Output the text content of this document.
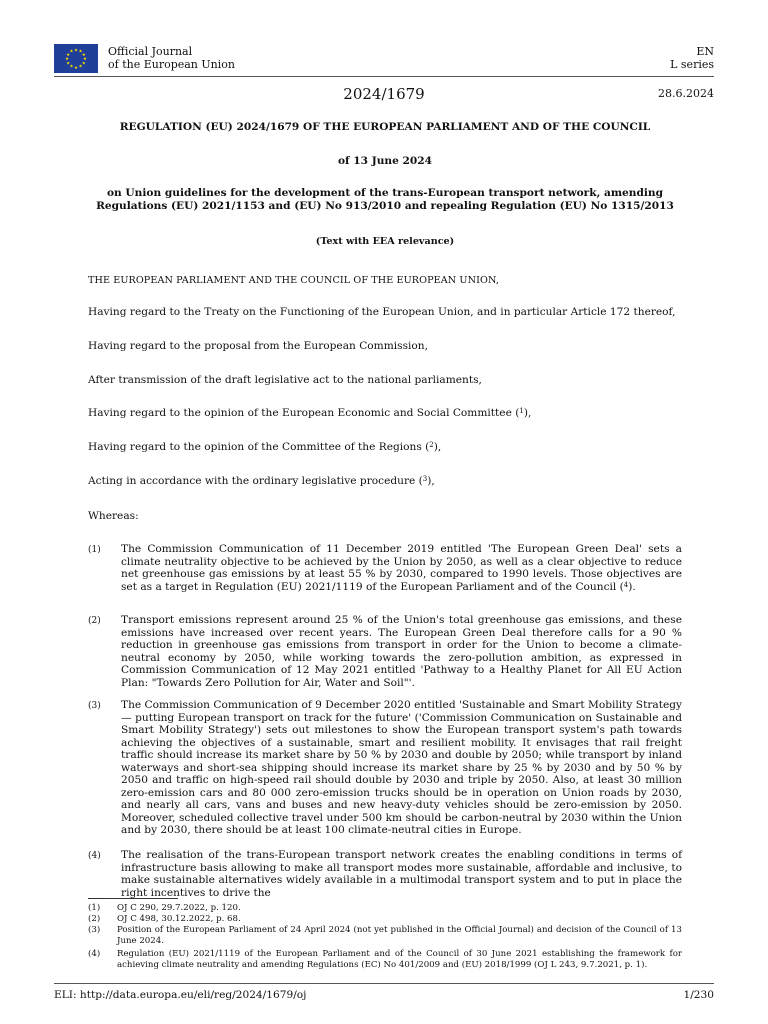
★ ★
★
★
★
★
★
★
★
★
★
★	Official Journal
of the European Union
EN
L series
2024/1679	28.6.2024
REGULATION (EU) 2024/1679 OF THE EUROPEAN PARLIAMENT AND OF THE COUNCIL
of 13 June 2024
on Union guidelines for the development of the trans-European transport network, amending
Regulations (EU) 2021/1153 and (EU) No 913/2010 and repealing Regulation (EU) No 1315/2013
(Text with EEA relevance)
THE EUROPEAN PARLIAMENT AND THE COUNCIL OF THE EUROPEAN UNION,
Having regard to the Treaty on the Functioning of the European Union, and in particular Article 172 thereof,
Having regard to the proposal from the European Commission,
After transmission of the draft legislative act to the national parliaments,
Having regard to the opinion of the European Economic and Social Committee ($^1$),
Having regard to the opinion of the Committee of the Regions ($^2$),
Acting in accordance with the ordinary legislative procedure ($^3$),
Whereas:
(1) The Commission Communication of 11 December 2019 entitled 'The European Green Deal' sets a climate neutrality objective to be achieved by the Union by 2050, as well as a clear objective to reduce net greenhouse gas emissions by at least 55 % by 2030, compared to 1990 levels. Those objectives are set as a target in Regulation (EU) 2021/1119 of the European Parliament and of the Council ($^4$).
(2) Transport emissions represent around 25 % of the Union's total greenhouse gas emissions, and these emissions have increased over recent years. The European Green Deal therefore calls for a 90 % reduction in greenhouse gas emissions from transport in order for the Union to become a climate-neutral economy by 2050, while working towards the zero-pollution ambition, as expressed in Commission Communication of 12 May 2021 entitled 'Pathway to a Healthy Planet for All EU Action Plan: "Towards Zero Pollution for Air, Water and Soil"'.
(3) The Commission Communication of 9 December 2020 entitled 'Sustainable and Smart Mobility Strategy — putting European transport on track for the future' ('Commission Communication on Sustainable and Smart Mobility Strategy') sets out milestones to show the European transport system's path towards achieving the objectives of a sustainable, smart and resilient mobility. It envisages that rail freight traffic should increase its market share by 50 % by 2030 and double by 2050; while transport by inland waterways and short-sea shipping should increase its market share by 25 % by 2030 and by 50 % by 2050 and traffic on high-speed rail should double by 2030 and triple by 2050. Also, at least 30 million zero-emission cars and 80 000 zero-emission trucks should be in operation on Union roads by 2030, and nearly all cars, vans and buses and new heavy-duty vehicles should be zero-emission by 2050. Moreover, scheduled collective travel under 500 km should be carbon-neutral by 2030 within the Union and by 2030, there should be at least 100 climate-neutral cities in Europe.
(4) The realisation of the trans-European transport network creates the enabling conditions in terms of infrastructure basis allowing to make all transport modes more sustainable, affordable and inclusive, to make sustainable alternatives widely available in a multimodal transport system and to put in place the right incentives to drive the
(1) OJ C 290, 29.7.2022, p. 120.
(2) OJ C 498, 30.12.2022, p. 68.
(3) Position of the European Parliament of 24 April 2024 (not yet published in the Official Journal) and decision of the Council of 13 June 2024.
(4) Regulation (EU) 2021/1119 of the European Parliament and of the Council of 30 June 2021 establishing the framework for achieving climate neutrality and amending Regulations (EC) No 401/2009 and (EU) 2018/1999 (OJ L 243, 9.7.2021, p. 1).
ELI: http://data.europa.eu/eli/reg/2024/1679/oj	1/230
